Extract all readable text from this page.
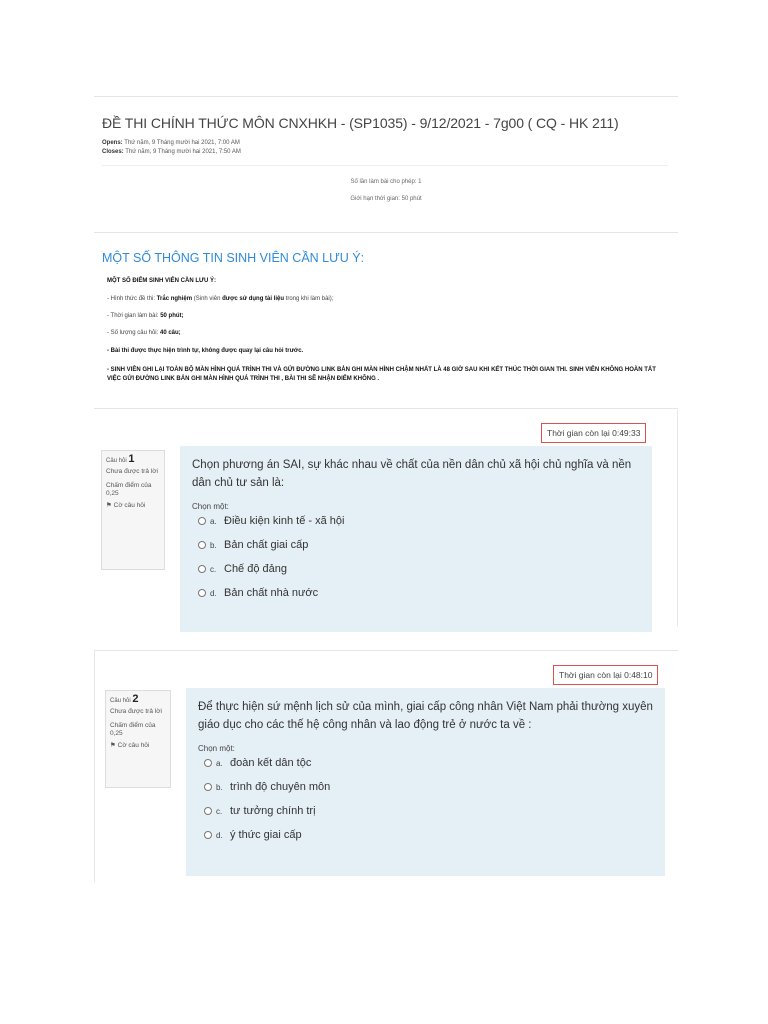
ĐỀ THI CHÍNH THỨC MÔN CNXHKH - (SP1035) - 9/12/2021 - 7g00 ( CQ - HK 211)
Opens: Thứ năm, 9 Tháng mười hai 2021, 7:00 AM
Closes: Thứ năm, 9 Tháng mười hai 2021, 7:50 AM
Số lần làm bài cho phép: 1
Giới hạn thời gian: 50 phút
MỘT SỐ THÔNG TIN SINH VIÊN CẦN LƯU Ý:
MỘT SỐ ĐIỂM SINH VIÊN CẦN LƯU Ý:
- Hình thức đề thi: Trắc nghiệm (Sinh viên được sử dụng tài liệu trong khi làm bài);
- Thời gian làm bài: 50 phút;
- Số lượng câu hỏi: 40 câu;
- Bài thi được thực hiện trình tự, không được quay lại câu hỏi trước.
- SINH VIÊN GHI LẠI TOÀN BỘ MÀN HÌNH QUÁ TRÌNH THI VÀ GỬI ĐƯỜNG LINK BẢN GHI MÀN HÌNH CHẬM NHẤT LÀ 48 GIỜ SAU KHI KẾT THÚC THỜI GIAN THI. SINH VIÊN KHÔNG HOÀN TẤT VIỆC GỬI ĐƯỜNG LINK BẢN GHI MÀN HÌNH QUÁ TRÌNH THI , BÀI THI SẼ NHẬN ĐIỂM KHÔNG .
Thời gian còn lại 0:49:33
Câu hỏi 1
Chưa được trả lời
Chấm điểm của 0,25
⚑ Cờ câu hỏi
Chọn phương án SAI, sự khác nhau về chất của nền dân chủ xã hội chủ nghĩa và nền dân chủ tư sản là:
Chọn một:
a. Điều kiện kinh tế - xã hội
b. Bản chất giai cấp
c. Chế độ đảng
d. Bản chất nhà nước
Thời gian còn lại 0:48:10
Câu hỏi 2
Chưa được trả lời
Chấm điểm của 0,25
⚑ Cờ câu hỏi
Để thực hiện sứ mệnh lịch sử của mình, giai cấp công nhân Việt Nam phải thường xuyên giáo dục cho các thế hệ công nhân và lao động trẻ ở nước ta về :
Chọn một:
a. đoàn kết dân tộc
b. trình độ chuyên môn
c. tư tưởng chính trị
d. ý thức giai cấp
